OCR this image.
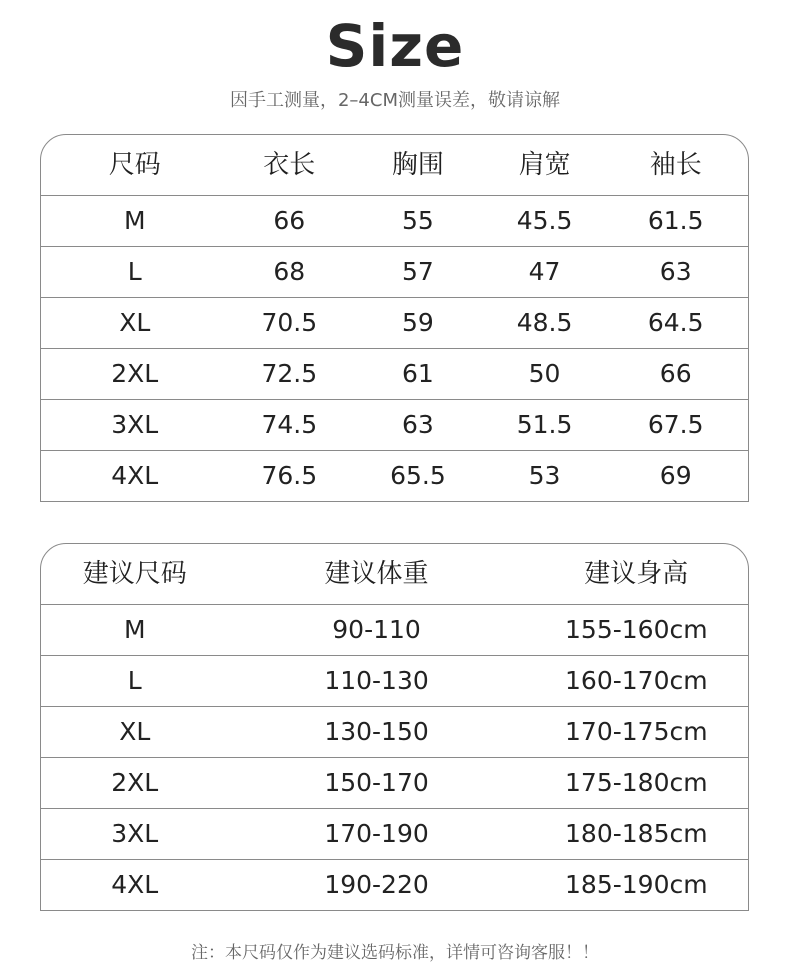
Size
因手工测量，2–4CM测量误差，敬请谅解
尺码	衣长	胸围	肩宽	袖长
M	66	55	45.5	61.5
L	68	57	47	63
XL	70.5	59	48.5	64.5
2XL	72.5	61	50	66
3XL	74.5	63	51.5	67.5
4XL	76.5	65.5	53	69
建议尺码	建议体重	建议身高
M	90-110	155-160cm
L	110-130	160-170cm
XL	130-150	170-175cm
2XL	150-170	175-180cm
3XL	170-190	180-185cm
4XL	190-220	185-190cm
注：本尺码仅作为建议选码标准，详情可咨询客服！！
